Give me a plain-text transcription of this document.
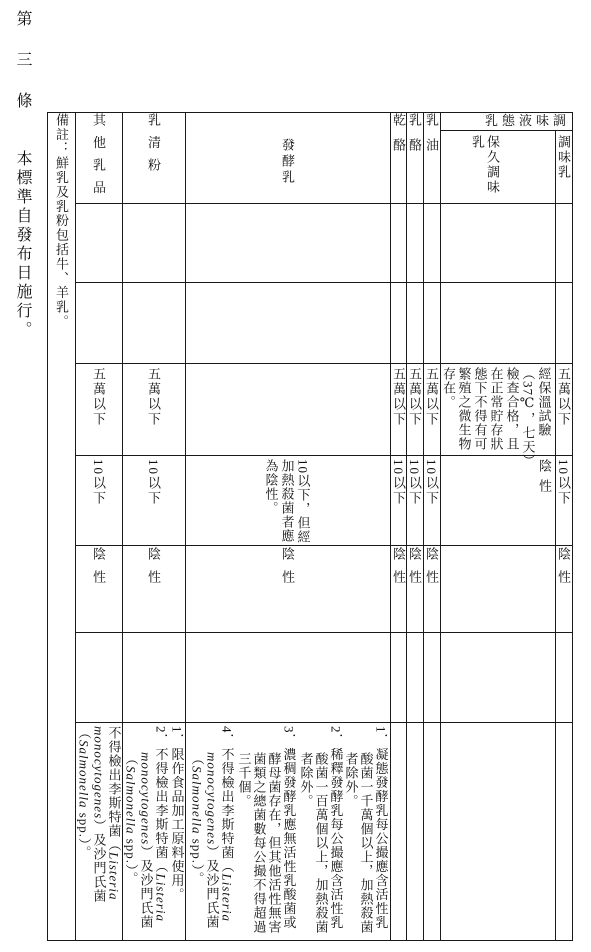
第三條
本標準自發布日施行。
調味液態乳
調味乳
保久調味乳
乳油
乳酪
乾酪
發酵乳
乳清粉
其他乳品
備註：鮮乳及乳粉包括牛、羊乳。
五萬以下
經保溫試驗
（37℃，七天）
檢查合格，且
在正常貯存狀
態下不得有可
繁殖之微生物
存在。
五萬以下
五萬以下
五萬以下
五萬以下
五萬以下
10以下
陰性
10以下
10以下
10以下
10以下，但經
加熱殺菌者應
為陰性。
10以下
10以下
陰性
陰性
陰性
陰性
陰性
陰性
陰性
1．凝態發酵乳每公撮應含活性乳
酸菌一千萬個以上，加熱殺菌
者除外。
2．稀釋發酵乳每公撮應含活性乳
酸菌一百萬個以上，加熱殺菌
者除外。
3．濃稠發酵乳應無活性乳酸菌或
酵母菌存在，但其他活性無害
菌類之總菌數每公撮不得超過
三千個。
4．不得檢出李斯特菌（Listeria
monocytogenes）及沙門氏菌
（Salmonella spp.）。
1．限作食品加工原料使用。
2．不得檢出李斯特菌（Listeria
monocytogenes）及沙門氏菌
（Salmonella spp.）。
不得檢出李斯特菌（Listeria
monocytogenes）及沙門氏菌
（Salmonella spp.）。
